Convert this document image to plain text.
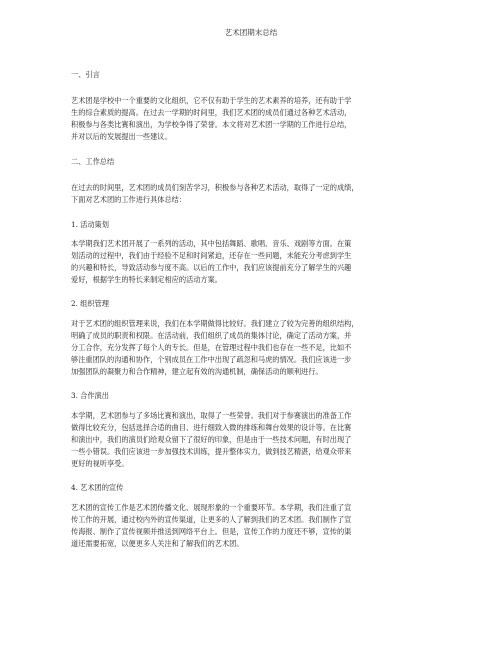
艺术团期末总结
一、引言
艺术团是学校中一个重要的文化组织，它不仅有助于学生的艺术素养的培养，还有助于学
生的综合素质的提高。在过去一学期的时间里，我们艺术团的成员们通过各种艺术活动，
积极参与各类比赛和演出，为学校争得了荣誉。本文将对艺术团一学期的工作进行总结，
并对以后的发展提出一些建议。
二、工作总结
在过去的时间里，艺术团的成员们刻苦学习，积极参与各种艺术活动，取得了一定的成绩，
下面对艺术团的工作进行具体总结：
1. 活动策划
本学期我们艺术团开展了一系列的活动，其中包括舞蹈、歌唱、音乐、戏剧等方面。在策
划活动的过程中，我们由于经验不足和时间紧迫，还存在一些问题，未能充分考虑到学生
的兴趣和特长，导致活动参与度不高。以后的工作中，我们应该提前充分了解学生的兴趣
爱好，根据学生的特长来制定相应的活动方案。
2. 组织管理
对于艺术团的组织管理来说，我们在本学期做得比较好。我们建立了较为完善的组织结构，
明确了成员的职责和权限。在活动前，我们组织了成员的集体讨论，确定了活动方案，并
分工合作，充分发挥了每个人的专长。但是，在管理过程中我们也存在一些不足，比如不
够注重团队的沟通和协作，个别成员在工作中出现了疏忽和马虎的情况。我们应该进一步
加强团队的凝聚力和合作精神，建立起有效的沟通机制，确保活动的顺利进行。
3. 合作演出
本学期，艺术团参与了多场比赛和演出，取得了一些荣誉。我们对于参赛演出的准备工作
做得比较充分，包括选择合适的曲目、进行细致入微的排练和舞台效果的设计等。在比赛
和演出中，我们的演员们给观众留下了很好的印象，但是由于一些技术问题，有时出现了
一些小错误。我们应该进一步加强技术训练，提升整体实力，做到技艺精湛，给观众带来
更好的视听享受。
4. 艺术团的宣传
艺术团的宣传工作是艺术团传播文化、展现形象的一个重要环节。本学期，我们注重了宣
传工作的开展，通过校内外的宣传渠道，让更多的人了解到我们的艺术团。我们制作了宣
传海报、制作了宣传视频并推送到网络平台上。但是，宣传工作的力度还不够，宣传的渠
道还需要拓宽，以便更多人关注和了解我们的艺术团。
